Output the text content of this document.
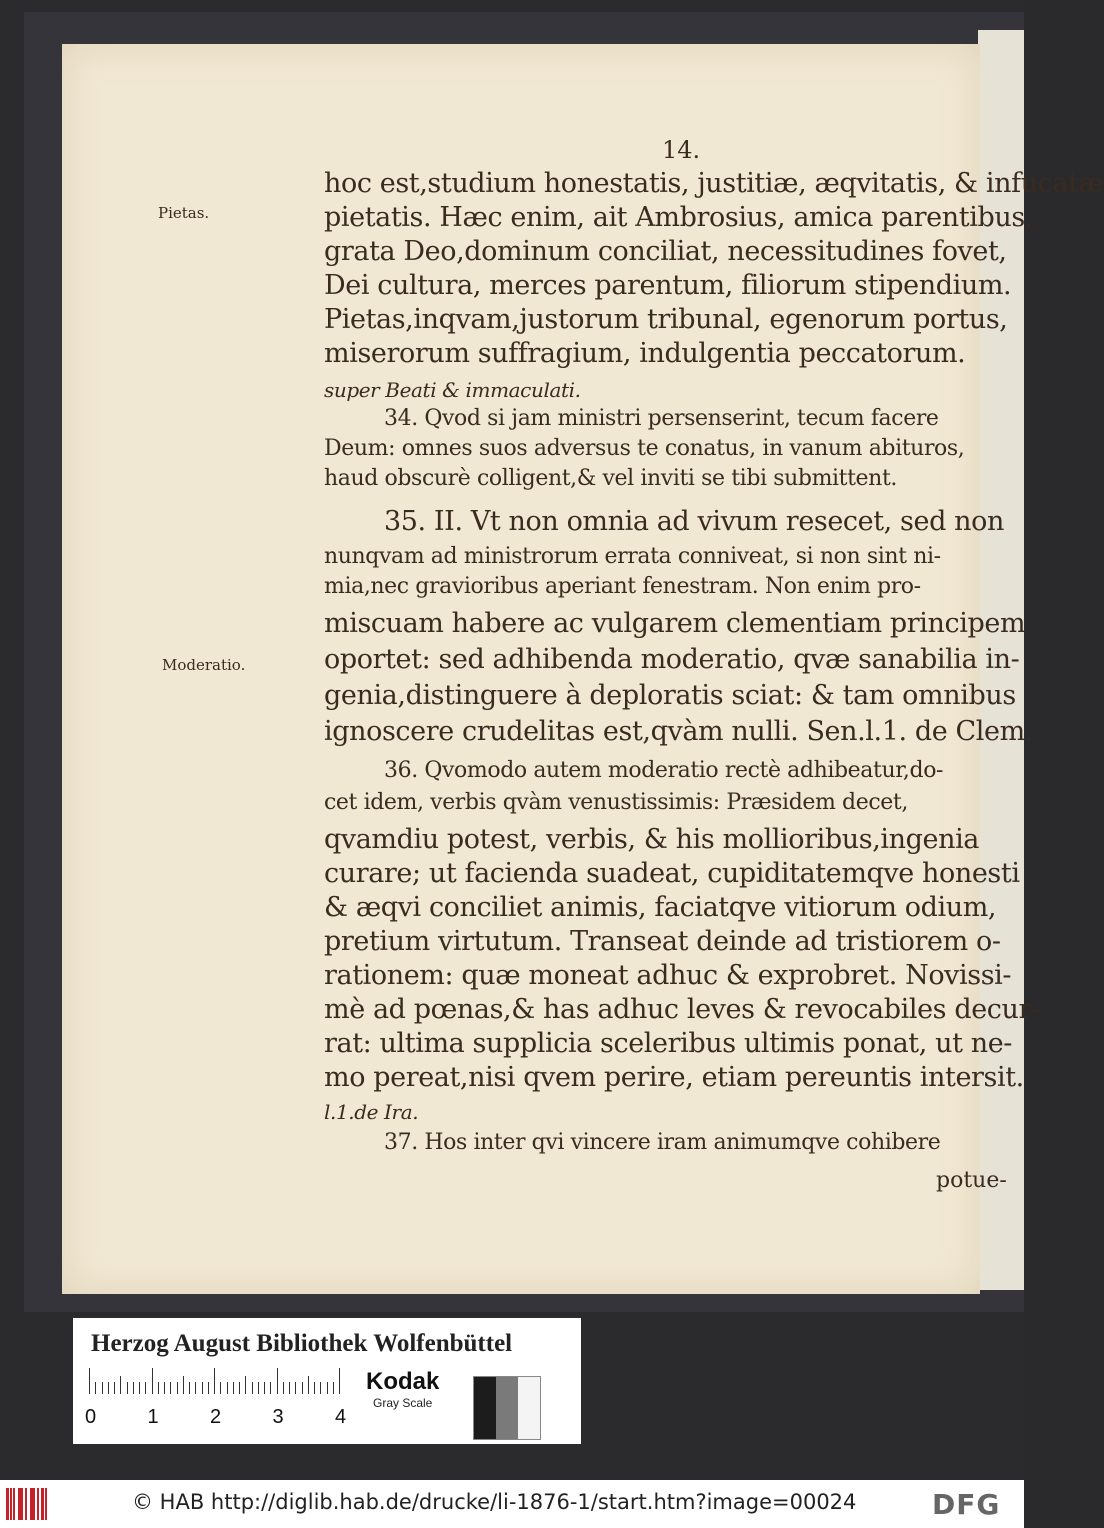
14.
Pietas.
Moderatio.
hoc est,studium honestatis, justitiæ, æqvitatis, & infucatæ
pietatis. Hæc enim, ait Ambrosius, amica parentibus,
grata Deo,dominum conciliat, necessitudines fovet,
Dei cultura, merces parentum, filiorum stipendium.
Pietas,inqvam,justorum tribunal, egenorum portus,
miserorum suffragium, indulgentia peccatorum.
super Beati & immaculati.
34. Qvod si jam ministri persenserint, tecum facere
Deum: omnes suos adversus te conatus, in vanum abituros,
haud obscurè colligent,& vel inviti se tibi submittent.
35. II. Vt non omnia ad vivum resecet, sed non
nunqvam ad ministrorum errata conniveat, si non sint ni-
mia,nec gravioribus aperiant fenestram. Non enim pro-
miscuam habere ac vulgarem clementiam principem
oportet: sed adhibenda moderatio, qvæ sanabilia in-
genia,distinguere à deploratis sciat: & tam omnibus
ignoscere crudelitas est,qvàm nulli. Sen.l.1. de Clem.
36. Qvomodo autem moderatio rectè adhibeatur,do-
cet idem, verbis qvàm venustissimis: Præsidem decet,
qvamdiu potest, verbis, & his mollioribus,ingenia
curare; ut facienda suadeat, cupiditatemqve honesti
& æqvi conciliet animis, faciatqve vitiorum odium,
pretium virtutum. Transeat deinde ad tristiorem o-
rationem: quæ moneat adhuc & exprobret. Novissi-
mè ad pœnas,& has adhuc leves & revocabiles decur-
rat: ultima supplicia sceleribus ultimis ponat, ut ne-
mo pereat,nisi qvem perire, etiam pereuntis intersit.
l.1.de Ira.
37. Hos inter qvi vincere iram animumqve cohibere
potue-
Herzog August Bibliothek Wolfenbüttel
0	1	2	3	4
Kodak
Gray Scale
© HAB http://diglib.hab.de/drucke/li-1876-1/start.htm?image=00024	DFG
